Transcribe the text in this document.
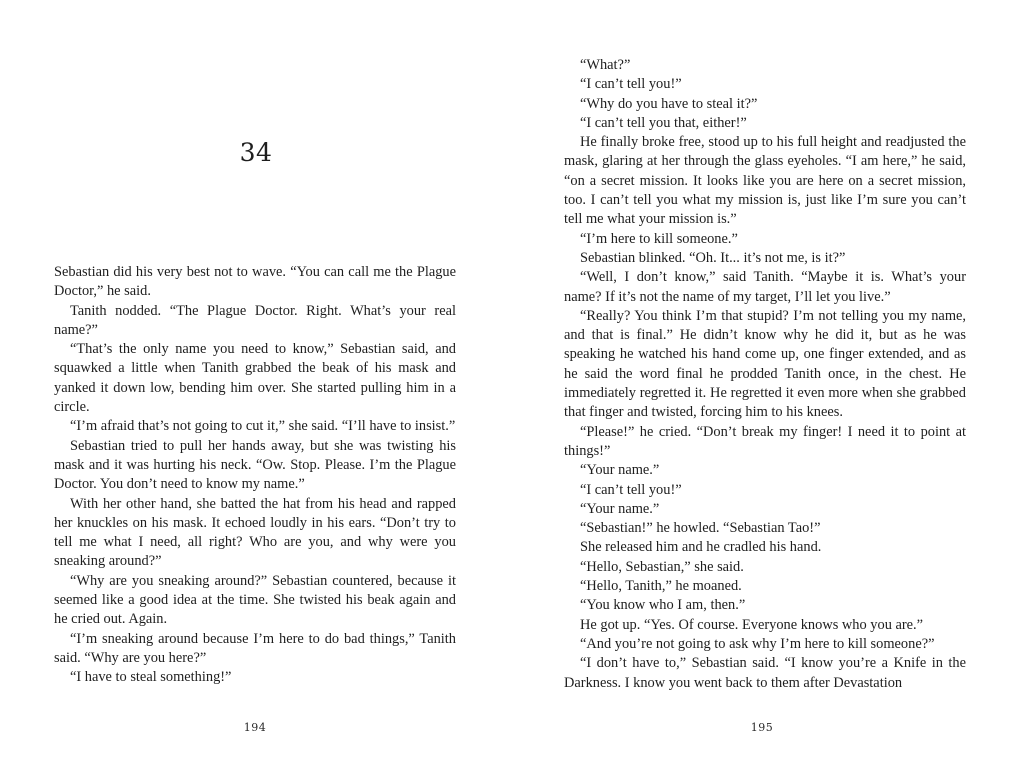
34

Sebastian did his very best not to wave. “You can call me the Plague Doctor,” he said.

Tanith nodded. “The Plague Doctor. Right. What’s your real name?”

“That’s the only name you need to know,” Sebastian said, and squawked a little when Tanith grabbed the beak of his mask and yanked it down low, bending him over. She started pulling him in a circle.

“I’m afraid that’s not going to cut it,” she said. “I’ll have to insist.”

Sebastian tried to pull her hands away, but she was twisting his mask and it was hurting his neck. “Ow. Stop. Please. I’m the Plague Doctor. You don’t need to know my name.”

With her other hand, she batted the hat from his head and rapped her knuckles on his mask. It echoed loudly in his ears. “Don’t try to tell me what I need, all right? Who are you, and why were you sneaking around?”

“Why are you sneaking around?” Sebastian countered, because it seemed like a good idea at the time. She twisted his beak again and he cried out. Again.

“I’m sneaking around because I’m here to do bad things,” Tanith said. “Why are you here?”

“I have to steal something!”

194

“What?”

“I can’t tell you!”

“Why do you have to steal it?”

“I can’t tell you that, either!”

He finally broke free, stood up to his full height and readjusted the mask, glaring at her through the glass eyeholes. “I am here,” he said, “on a secret mission. It looks like you are here on a secret mission, too. I can’t tell you what my mission is, just like I’m sure you can’t tell me what your mission is.”

“I’m here to kill someone.”

Sebastian blinked. “Oh. It... it’s not me, is it?”

“Well, I don’t know,” said Tanith. “Maybe it is. What’s your name? If it’s not the name of my target, I’ll let you live.”

“Really? You think I’m that stupid? I’m not telling you my name, and that is final.” He didn’t know why he did it, but as he was speaking he watched his hand come up, one finger extended, and as he said the word final he prodded Tanith once, in the chest. He immediately regretted it. He regretted it even more when she grabbed that finger and twisted, forcing him to his knees.

“Please!” he cried. “Don’t break my finger! I need it to point at things!”

“Your name.”

“I can’t tell you!”

“Your name.”

“Sebastian!” he howled. “Sebastian Tao!”

She released him and he cradled his hand.

“Hello, Sebastian,” she said.

“Hello, Tanith,” he moaned.

“You know who I am, then.”

He got up. “Yes. Of course. Everyone knows who you are.”

“And you’re not going to ask why I’m here to kill someone?”

“I don’t have to,” Sebastian said. “I know you’re a Knife in the Darkness. I know you went back to them after Devastation

195
